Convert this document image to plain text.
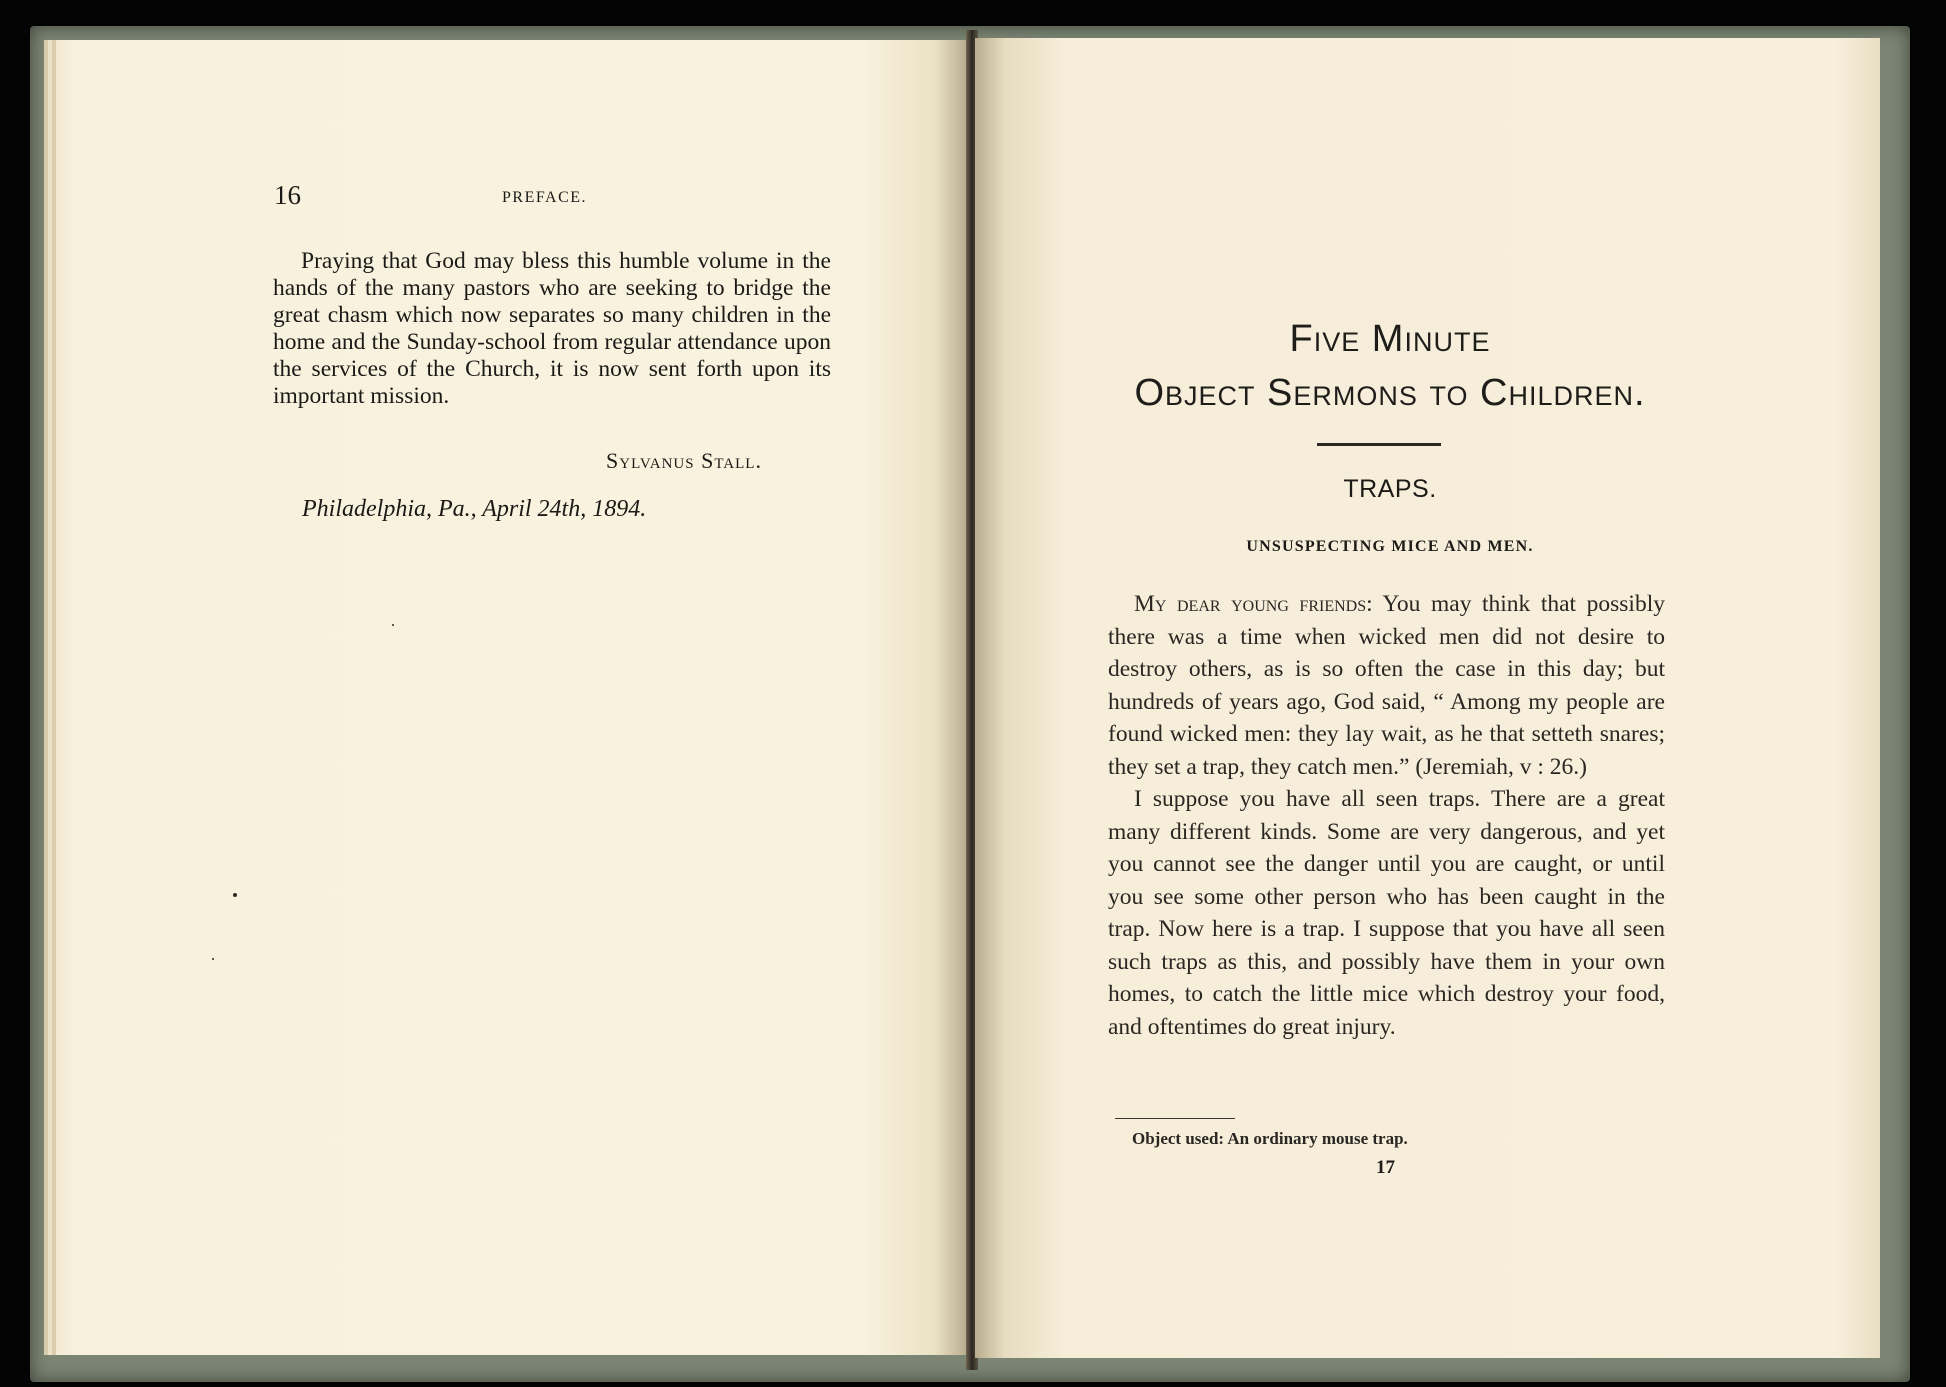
16	PREFACE.

Praying that God may bless this humble volume in the hands of the many pastors who are seeking to bridge the great chasm which now separates so many children in the home and the Sunday-school from regular attendance upon the services of the Church, it is now sent forth upon its important mission.

Sylvanus Stall.
Philadelphia, Pa., April 24th, 1894.
Five Minute
Object Sermons to Children.
TRAPS.
UNSUSPECTING MICE AND MEN.

My dear young friends: You may think that possibly there was a time when wicked men did not desire to destroy others, as is so often the case in this day; but hundreds of years ago, God said, “ Among my people are found wicked men: they lay wait, as he that setteth snares; they set a trap, they catch men.” (Jeremiah, v : 26.)

I suppose you have all seen traps. There are a great many different kinds. Some are very dangerous, and yet you cannot see the danger until you are caught, or until you see some other person who has been caught in the trap. Now here is a trap. I suppose that you have all seen such traps as this, and possibly have them in your own homes, to catch the little mice which destroy your food, and oftentimes do great injury.

Object used: An ordinary mouse trap.
17
